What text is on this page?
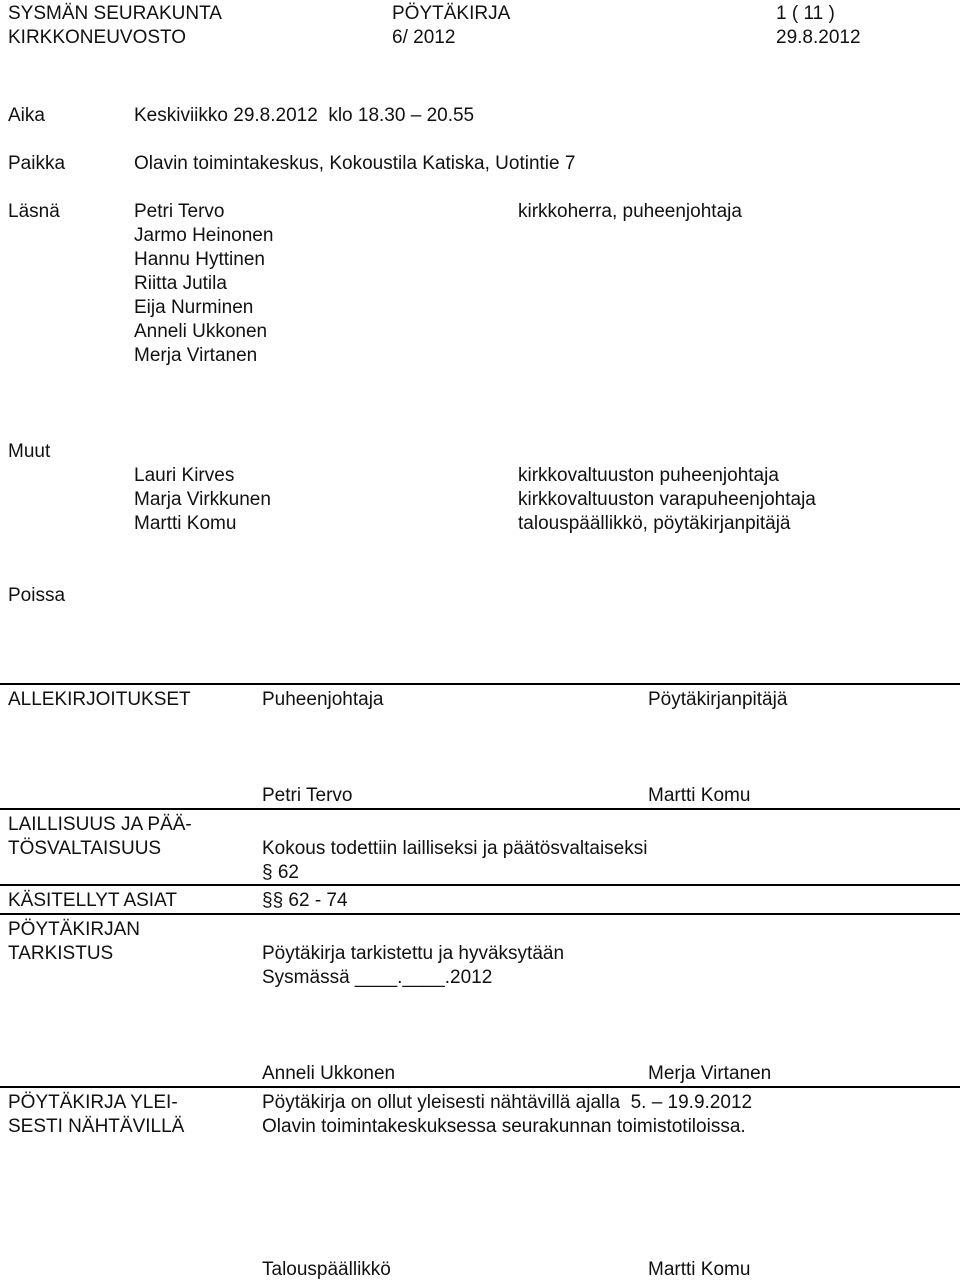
SYSMÄN SEURAKUNTA
KIRKKONEUVOSTO
PÖYTÄKIRJA
6/ 2012
1 ( 11 )
29.8.2012
Aika	Keskiviikko 29.8.2012  klo 18.30 – 20.55
Paikka	Olavin toimintakeskus, Kokoustila Katiska, Uotintie 7
Läsnä	Petri Tervo	kirkkoherra, puheenjohtaja
Jarmo Heinonen
Hannu Hyttinen
Riitta Jutila
Eija Nurminen
Anneli Ukkonen
Merja Virtanen
Muut
Lauri Kirves	kirkkovaltuuston puheenjohtaja
Marja Virkkunen	kirkkovaltuuston varapuheenjohtaja
Martti Komu	talouspäällikkö, pöytäkirjanpitäjä
Poissa
ALLEKIRJOITUKSET	Puheenjohtaja	Pöytäkirjanpitäjä
Petri Tervo	Martti Komu
LAILLISUUS JA PÄÄ-
TÖSVALTAISUUS	Kokous todettiin lailliseksi ja päätösvaltaiseksi
§ 62
KÄSITELLYT ASIAT	§§ 62 - 74
PÖYTÄKIRJAN
TARKISTUS	Pöytäkirja tarkistettu ja hyväksytään
Sysmässä ____.____.2012
Anneli Ukkonen	Merja Virtanen
PÖYTÄKIRJA YLEI-
SESTI NÄHTÄVILLÄ
Pöytäkirja on ollut yleisesti nähtävillä ajalla  5. – 19.9.2012
Olavin toimintakeskuksessa seurakunnan toimistotiloissa.
Talouspäällikkö	Martti Komu
